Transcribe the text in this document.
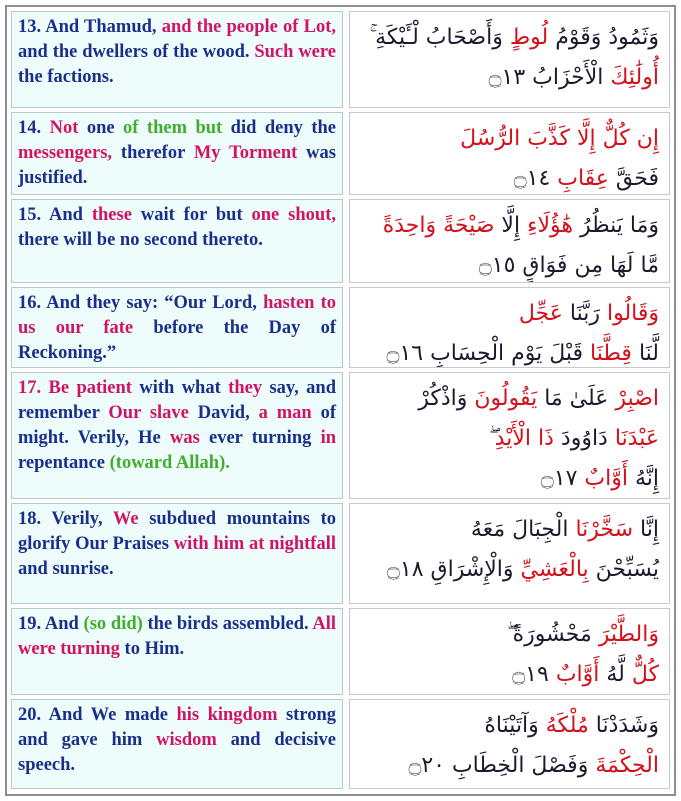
13. And Thamud, and the people of Lot, and the dwellers of the wood. Such were the factions.
وَثَمُودُ وَقَوْمُ لُوطٍ وَأَصْحَابُ لْـَٔيْكَةِ ۚ
أُولَٰئِكَ الْأَحْزَابُ ۝١٣
14. Not one of them but did deny the messengers, therefor My Torment was justified.
إِن كُلٌّ إِلَّا كَذَّبَ الرُّسُلَ
فَحَقَّ عِقَابِ ۝١٤
15. And these wait for but one shout, there will be no second thereto.
وَمَا يَنظُرُ هَٰؤُلَاءِ إِلَّا صَيْحَةً وَاحِدَةً
مَّا لَهَا مِن فَوَاقٍ ۝١٥
16. And they say: “Our Lord, hasten to us our fate before the Day of Reckoning.”
وَقَالُوا رَبَّنَا عَجِّل
لَّنَا قِطَّنَا قَبْلَ يَوْمِ الْحِسَابِ ۝١٦
17. Be patient with what they say, and remember Our slave David, a man of might. Verily, He was ever turning in repentance (toward Allah).
اصْبِرْ عَلَىٰ مَا يَقُولُونَ وَاذْكُرْ
عَبْدَنَا دَاوُودَ ذَا الْأَيْدِ ۖ
إِنَّهُ أَوَّابٌ ۝١٧
18. Verily, We subdued mountains to glorify Our Praises with him at nightfall and sunrise.
إِنَّا سَخَّرْنَا الْجِبَالَ مَعَهُ
يُسَبِّحْنَ بِالْعَشِيِّ وَالْإِشْرَاقِ ۝١٨
19. And (so did) the birds assembled. All were turning to Him.
وَالطَّيْرَ مَحْشُورَةً ۖ
كُلٌّ لَّهُ أَوَّابٌ ۝١٩
20. And We made his kingdom strong and gave him wisdom and decisive speech.
وَشَدَدْنَا مُلْكَهُ وَآتَيْنَاهُ
الْحِكْمَةَ وَفَصْلَ الْخِطَابِ ۝٢٠
